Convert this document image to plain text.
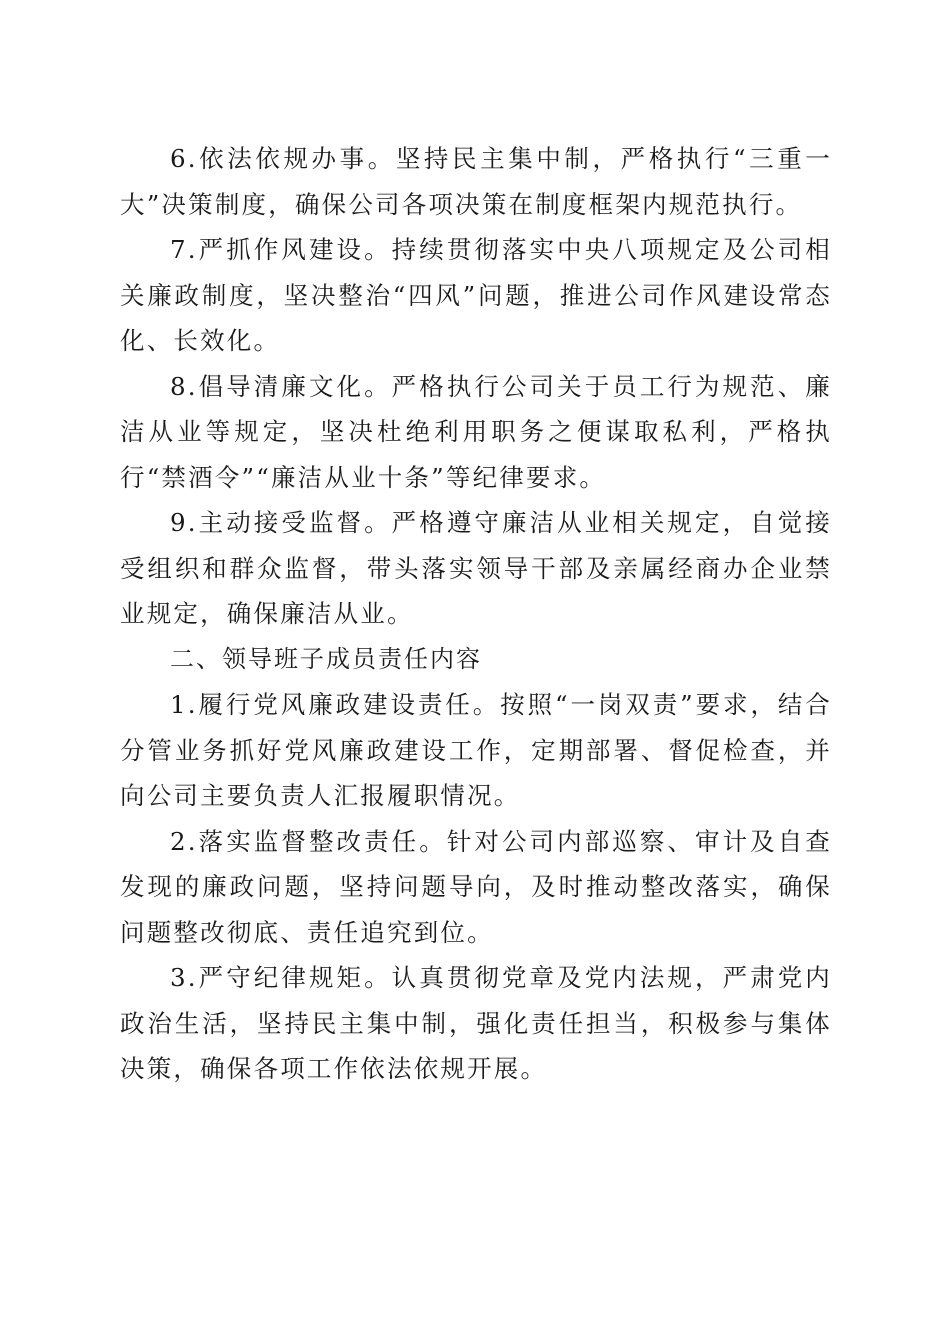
6.依法依规办事。坚持民主集中制，严格执行“三重一大”决策制度，确保公司各项决策在制度框架内规范执行。

7.严抓作风建设。持续贯彻落实中央八项规定及公司相关廉政制度，坚决整治“四风”问题，推进公司作风建设常态化、长效化。

8.倡导清廉文化。严格执行公司关于员工行为规范、廉洁从业等规定，坚决杜绝利用职务之便谋取私利，严格执行“禁酒令”“廉洁从业十条”等纪律要求。

9.主动接受监督。严格遵守廉洁从业相关规定，自觉接受组织和群众监督，带头落实领导干部及亲属经商办企业禁业规定，确保廉洁从业。

二、领导班子成员责任内容

1.履行党风廉政建设责任。按照“一岗双责”要求，结合分管业务抓好党风廉政建设工作，定期部署、督促检查，并向公司主要负责人汇报履职情况。

2.落实监督整改责任。针对公司内部巡察、审计及自查发现的廉政问题，坚持问题导向，及时推动整改落实，确保问题整改彻底、责任追究到位。

3.严守纪律规矩。认真贯彻党章及党内法规，严肃党内政治生活，坚持民主集中制，强化责任担当，积极参与集体决策，确保各项工作依法依规开展。
